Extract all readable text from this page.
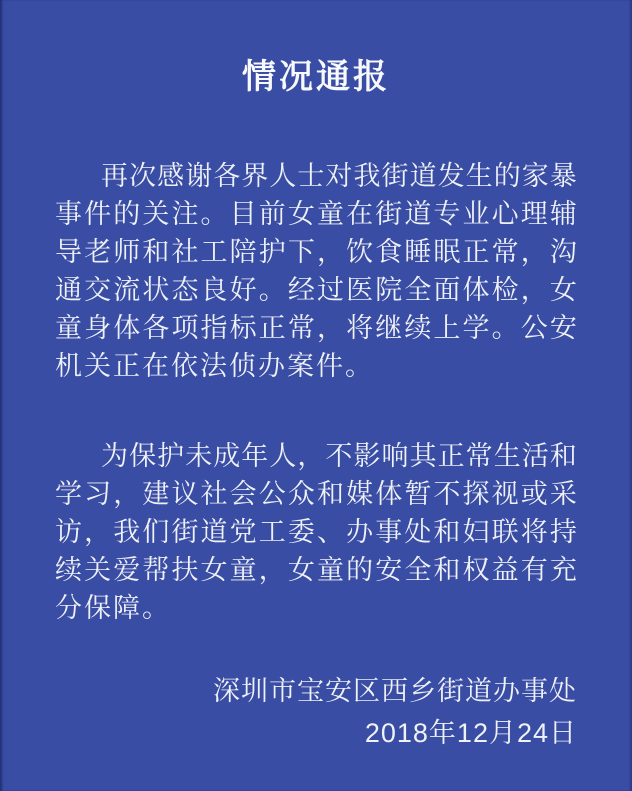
情况通报
再 次 感 谢 各 界 人 士 对 我 街 道 发 生 的 家 暴
事 件 的 关 注 。 目 前 女 童 在 街 道 专 业 心 理 辅
导 老 师 和 社 工 陪 护 下 ， 饮 食 睡 眠 正 常 ， 沟
通 交 流 状 态 良 好 。 经 过 医 院 全 面 体 检 ， 女
童 身 体 各 项 指 标 正 常 ， 将 继 续 上 学 。 公 安
机 关 正 在 依 法 侦 办 案 件 。
为 保 护 未 成 年 人 ， 不 影 响 其 正 常 生 活 和
学 习 ， 建 议 社 会 公 众 和 媒 体 暂 不 探 视 或 采
访 ， 我 们 街 道 党 工 委 、 办 事 处 和 妇 联 将 持
续 关 爱 帮 扶 女 童 ， 女 童 的 安 全 和 权 益 有 充
分 保 障 。
深圳市宝安区西乡街道办事处
2018年12月24日
